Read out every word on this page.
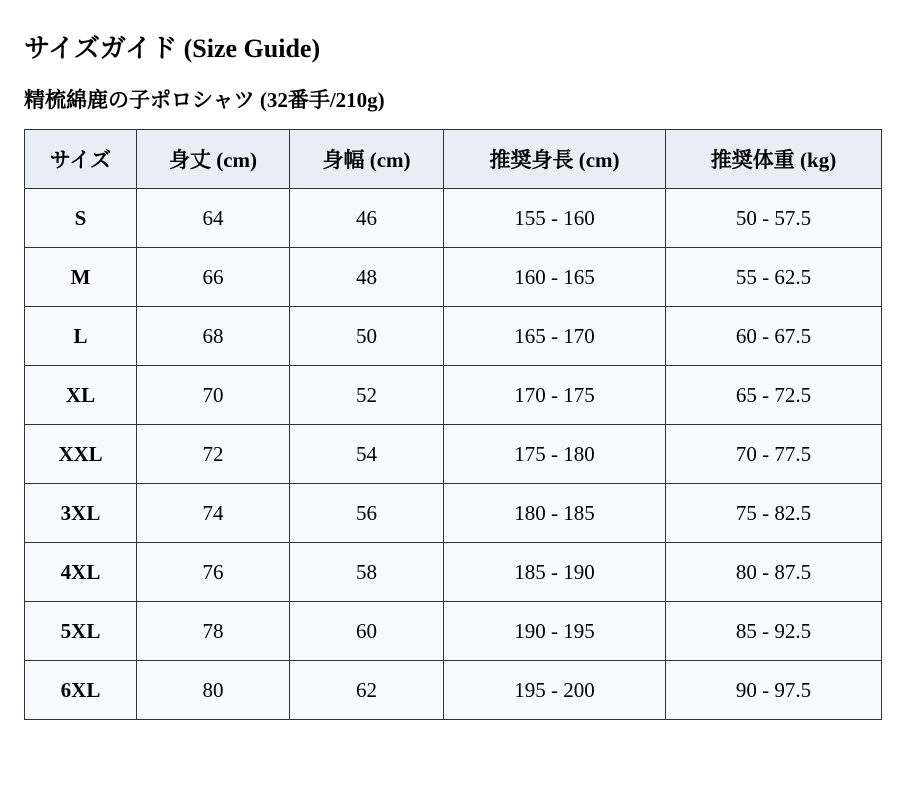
サイズガイド (Size Guide)
精梳綿鹿の子ポロシャツ (32番手/210g)
サイズ	身丈 (cm)	身幅 (cm)	推奨身長 (cm)	推奨体重 (kg)
S	64	46	155 - 160	50 - 57.5
M	66	48	160 - 165	55 - 62.5
L	68	50	165 - 170	60 - 67.5
XL	70	52	170 - 175	65 - 72.5
XXL	72	54	175 - 180	70 - 77.5
3XL	74	56	180 - 185	75 - 82.5
4XL	76	58	185 - 190	80 - 87.5
5XL	78	60	190 - 195	85 - 92.5
6XL	80	62	195 - 200	90 - 97.5
